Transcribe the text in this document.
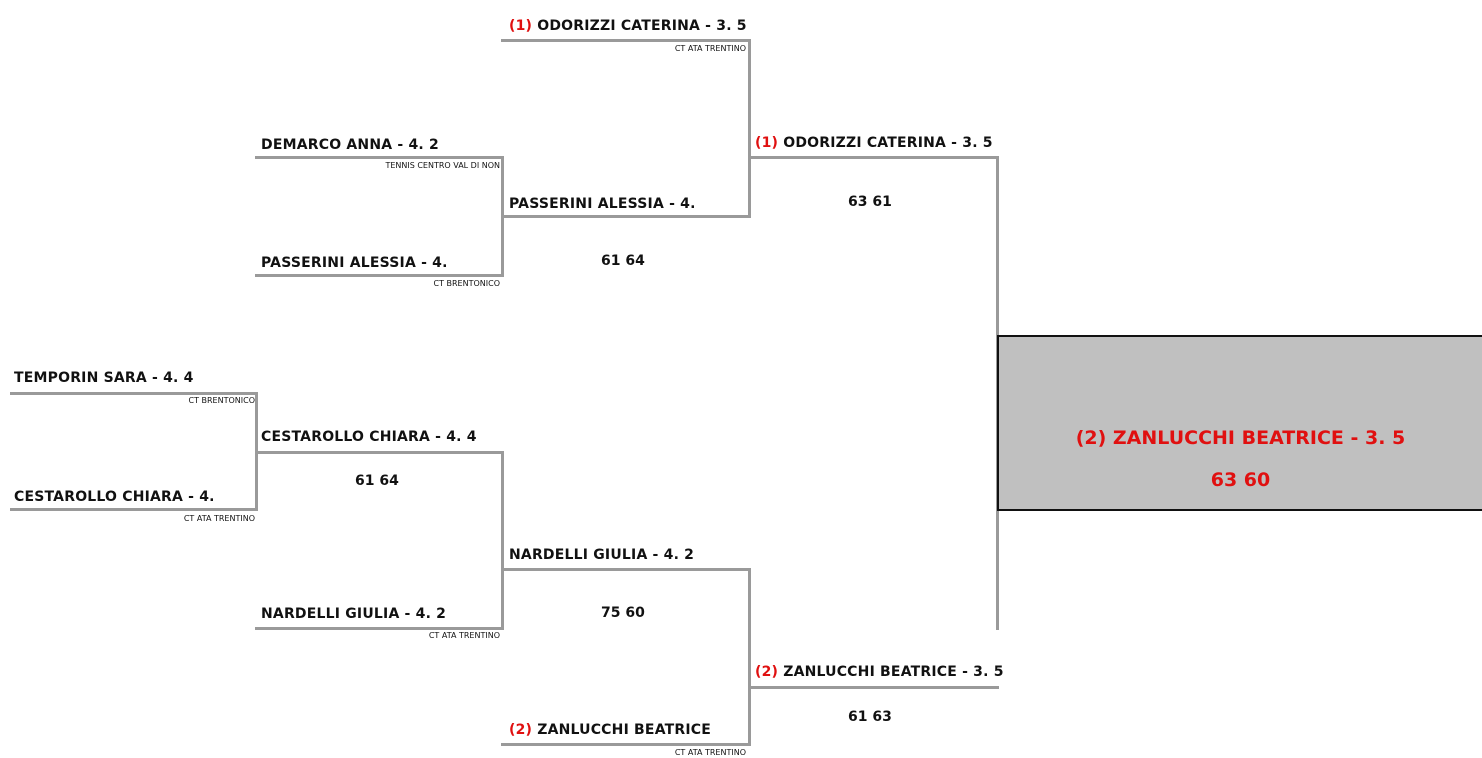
TEMPORIN SARA - 4. 4
CT BRENTONICO
CESTAROLLO CHIARA - 4.
CT ATA TRENTINO
DEMARCO ANNA - 4. 2
TENNIS CENTRO VAL DI NON
PASSERINI ALESSIA - 4.
CT BRENTONICO
CESTAROLLO CHIARA - 4. 4
61 64
NARDELLI GIULIA - 4. 2
CT ATA TRENTINO
(1) ODORIZZI CATERINA - 3. 5
CT ATA TRENTINO
PASSERINI ALESSIA - 4.
61 64
NARDELLI GIULIA - 4. 2
75 60
(2) ZANLUCCHI BEATRICE
CT ATA TRENTINO
(1) ODORIZZI CATERINA - 3. 5
63 61
(2) ZANLUCCHI BEATRICE - 3. 5
61 63
(2) ZANLUCCHI BEATRICE - 3. 5
63 60
